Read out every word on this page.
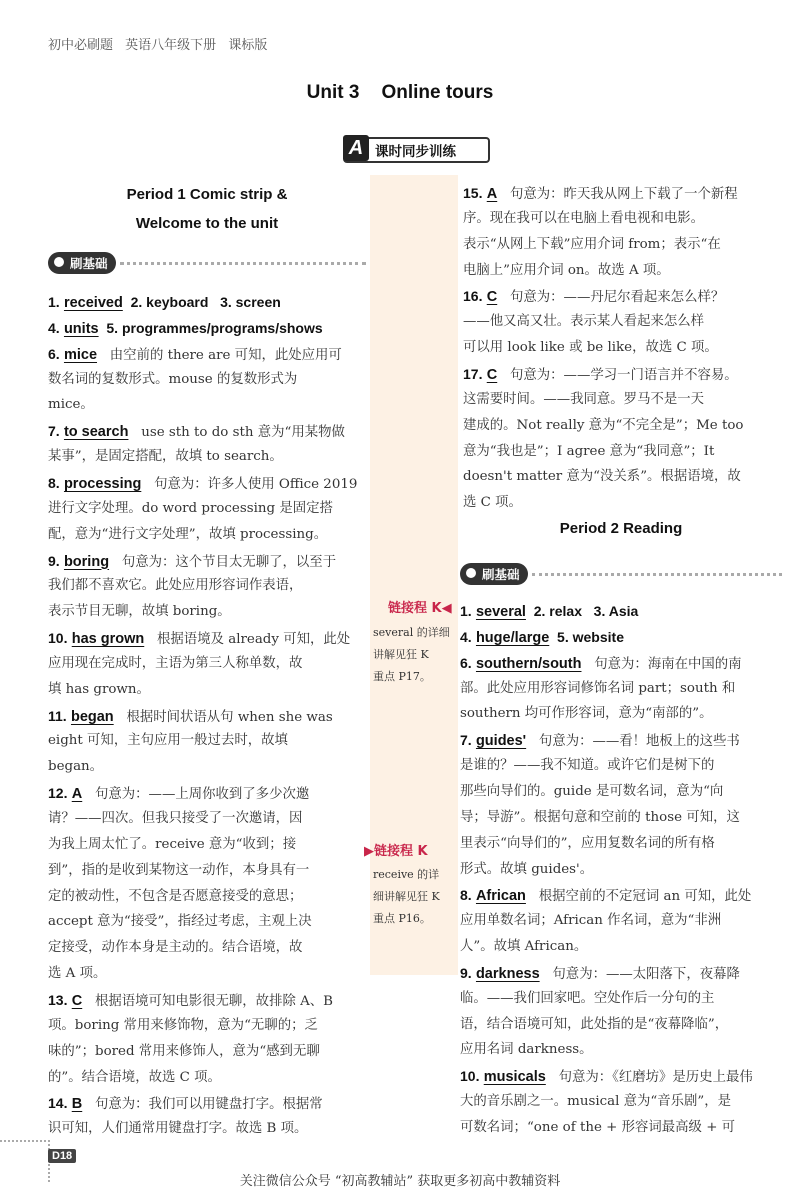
初中必刷题 英语八年级下册 课标版
Unit 3 Online tours
A 课时同步训练
Period 1 Comic strip &
Welcome to the unit
刷基础
1. received  2. keyboard   3. screen
4. units  5. programmes/programs/shows
6. mice   由空前的 there are 可知，此处应用可
数名词的复数形式。mouse 的复数形式为
mice。
7. to search   use sth to do sth 意为“用某物做
某事”，是固定搭配，故填 to search。
8. processing   句意为：许多人使用 Office 2019
进行文字处理。do word processing 是固定搭
配，意为“进行文字处理”，故填 processing。
9. boring   句意为：这个节目太无聊了，以至于
我们都不喜欢它。此处应用形容词作表语，
表示节目无聊，故填 boring。
10. has grown   根据语境及 already 可知，此处
应用现在完成时，主语为第三人称单数，故
填 has grown。
11. began   根据时间状语从句 when she was
eight 可知，主句应用一般过去时，故填
began。
12. A   句意为：——上周你收到了多少次邀
请？——四次。但我只接受了一次邀请，因
为我上周太忙了。receive 意为“收到；接
到”，指的是收到某物这一动作，本身具有一
定的被动性，不包含是否愿意接受的意思；
accept 意为“接受”，指经过考虑，主观上决
定接受，动作本身是主动的。结合语境，故
选 A 项。
13. C   根据语境可知电影很无聊，故排除 A、B
项。boring 常用来修饰物，意为“无聊的；乏
味的”；bored 常用来修饰人，意为“感到无聊
的”。结合语境，故选 C 项。
14. B   句意为：我们可以用键盘打字。根据常
识可知，人们通常用键盘打字。故选 B 项。
链接程 K◀
several 的详细
讲解见狂 K
重点 P17。
▶链接程 K
receive 的详
细讲解见狂 K
重点 P16。
15. A   句意为：昨天我从网上下载了一个新程
序。现在我可以在电脑上看电视和电影。
表示“从网上下载”应用介词 from；表示“在
电脑上”应用介词 on。故选 A 项。
16. C   句意为：——丹尼尔看起来怎么样？
——他又高又壮。表示某人看起来怎么样
可以用 look like 或 be like，故选 C 项。
17. C   句意为：——学习一门语言并不容易。
这需要时间。——我同意。罗马不是一天
建成的。Not really 意为“不完全是”；Me too
意为“我也是”；I agree 意为“我同意”；It
doesn't matter 意为“没关系”。根据语境，故
选 C 项。
Period 2 Reading
刷基础
1. several  2. relax   3. Asia
4. huge/large  5. website
6. southern/south   句意为：海南在中国的南
部。此处应用形容词修饰名词 part；south 和
southern 均可作形容词，意为“南部的”。
7. guides'   句意为：——看！地板上的这些书
是谁的？——我不知道。或许它们是树下的
那些向导们的。guide 是可数名词，意为“向
导；导游”。根据句意和空前的 those 可知，这
里表示“向导们的”，应用复数名词的所有格
形式。故填 guides'。
8. African   根据空前的不定冠词 an 可知，此处
应用单数名词；African 作名词，意为“非洲
人”。故填 African。
9. darkness   句意为：——太阳落下，夜幕降
临。——我们回家吧。空处作后一分句的主
语，结合语境可知，此处指的是“夜幕降临”，
应用名词 darkness。
10. musicals   句意为：《红磨坊》是历史上最伟
大的音乐剧之一。musical 意为“音乐剧”，是
可数名词；“one of the + 形容词最高级 + 可
D18
关注微信公众号 “初高教辅站” 获取更多初高中教辅资料
